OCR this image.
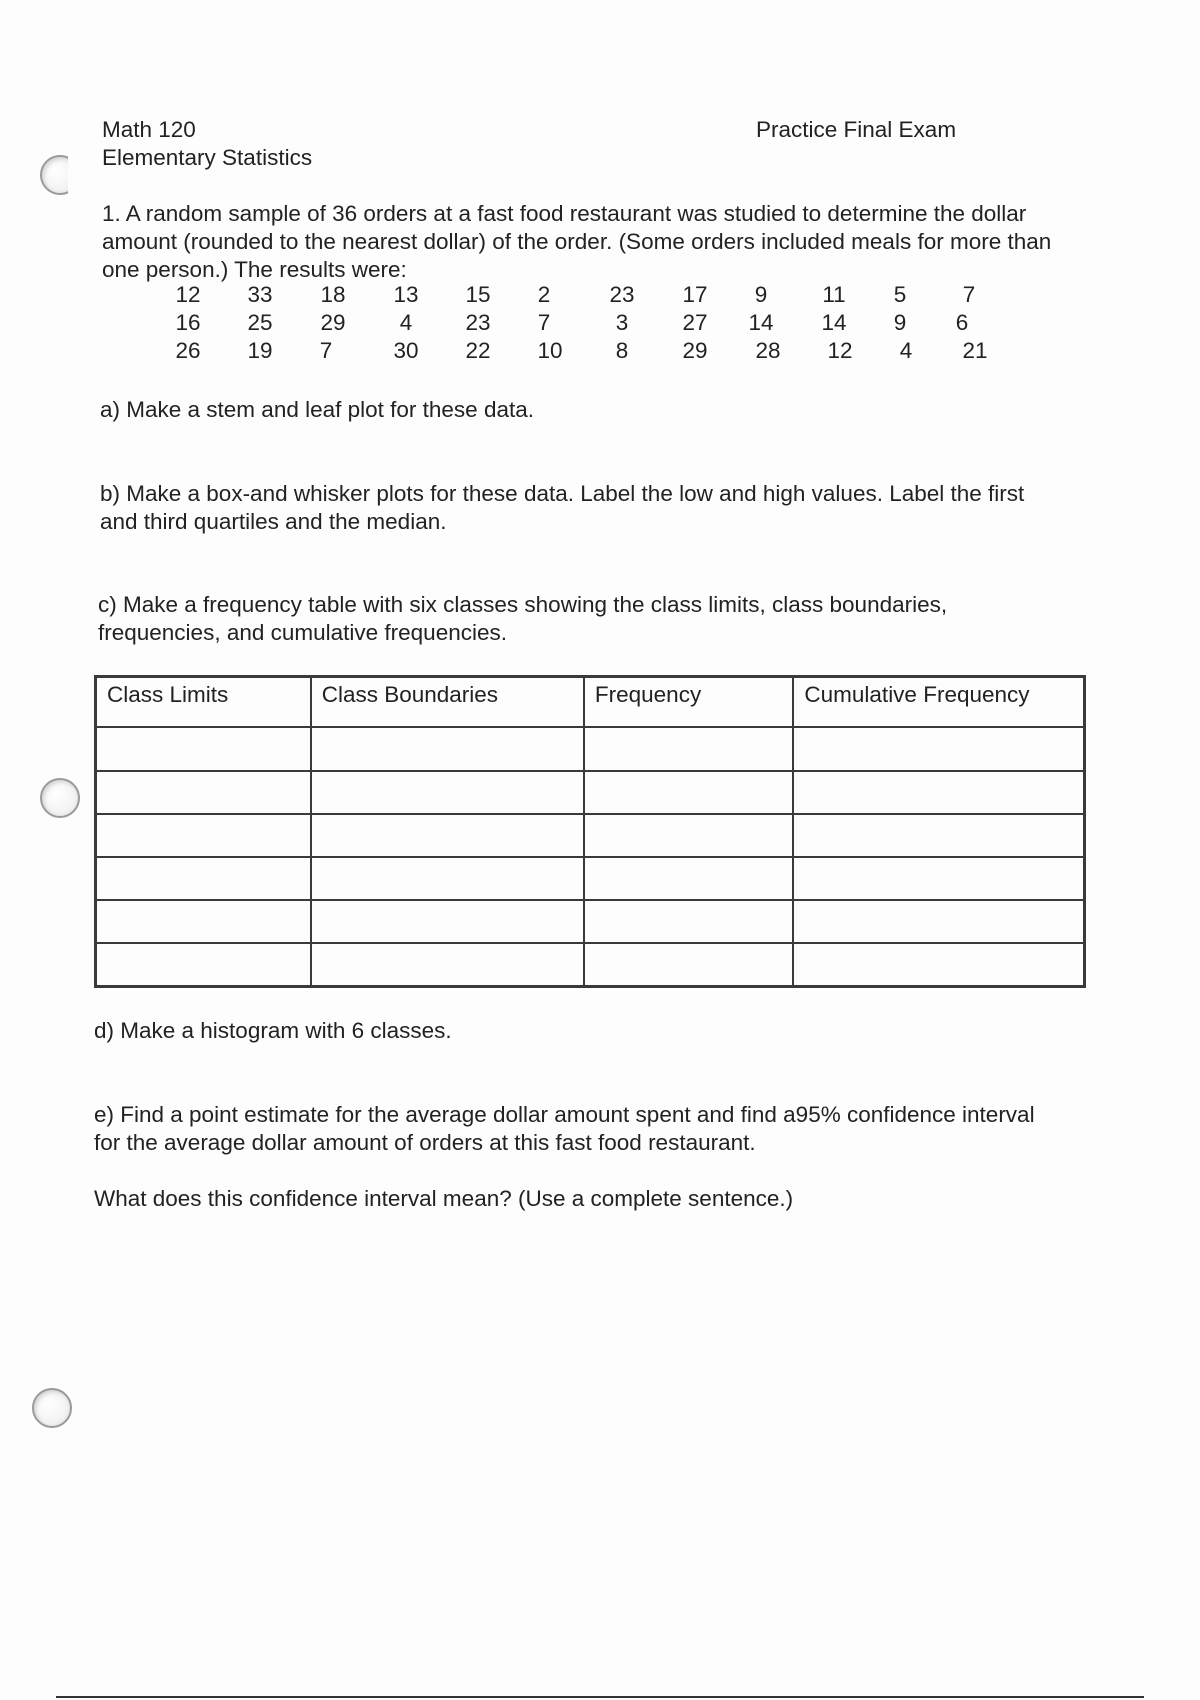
Math 120
Elementary Statistics
Practice Final Exam
1. A random sample of 36 orders at a fast food restaurant was studied to determine the dollar
amount (rounded to the nearest dollar) of the order. (Some orders included meals for more than
one person.) The results were:
12	33	18	13	15	2	23	17	9	11	5	7
16	25	29	4	23	7	3	27	14	14	9	6
26	19	7	30	22	10	8	29	28	12	4	21
a) Make a stem and leaf plot for these data.
b) Make a box-and whisker plots for these data. Label the low and high values. Label the first
and third quartiles and the median.
c) Make a frequency table with six classes showing the class limits, class boundaries,
frequencies, and cumulative frequencies.
Class Limits	Class Boundaries	Frequency	Cumulative Frequency

d) Make a histogram with 6 classes.
e) Find a point estimate for the average dollar amount spent and find a95% confidence interval
for the average dollar amount of orders at this fast food restaurant.
What does this confidence interval mean? (Use a complete sentence.)
